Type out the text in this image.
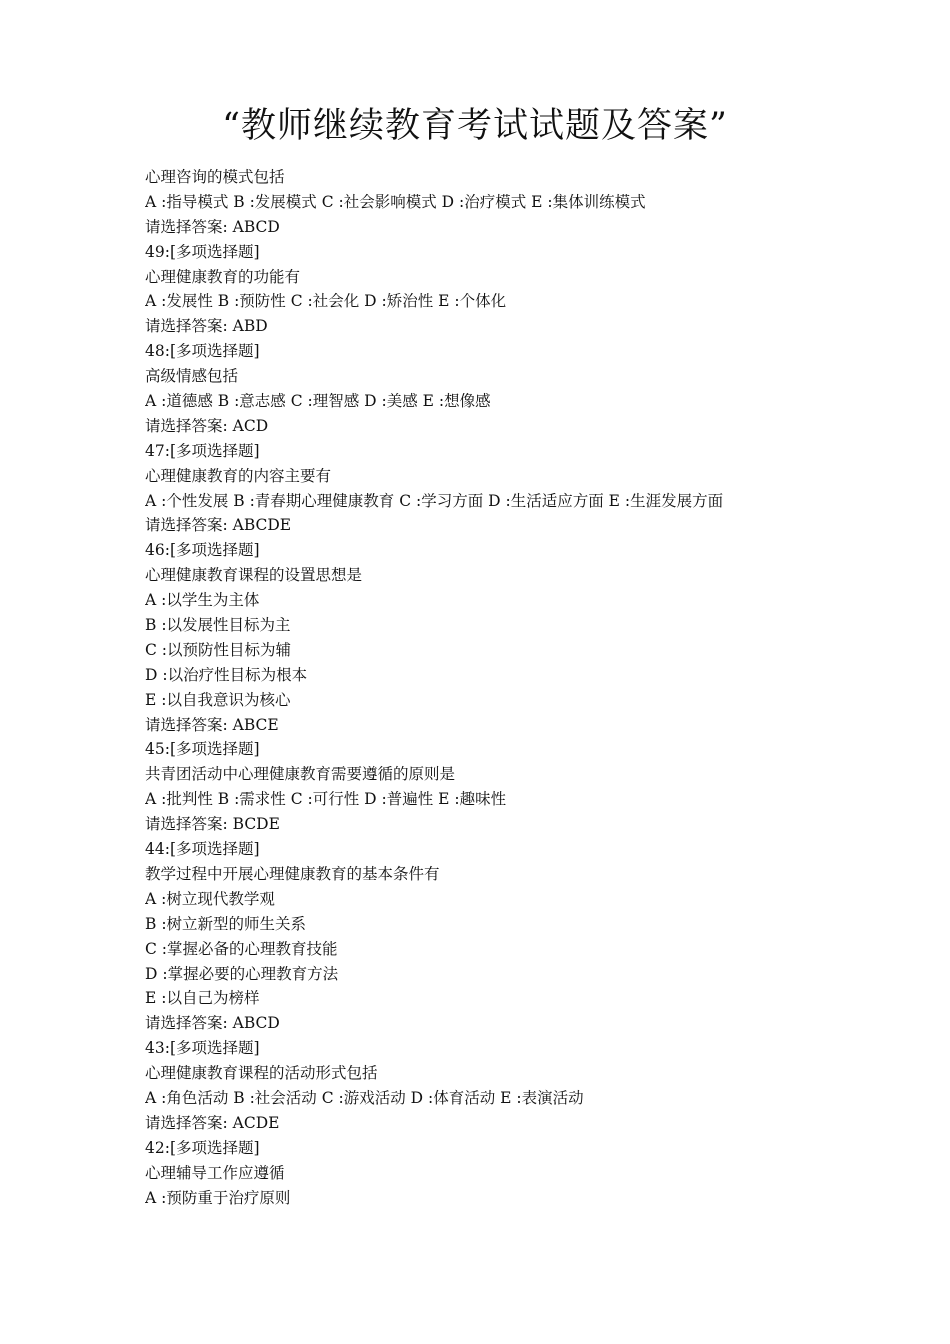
“教师继续教育考试试题及答案”
心理咨询的模式包括
A :指导模式 B :发展模式 C :社会影响模式 D :治疗模式 E :集体训练模式
请选择答案: ABCD
49:[多项选择题]
心理健康教育的功能有
A :发展性 B :预防性 C :社会化 D :矫治性 E :个体化
请选择答案: ABD
48:[多项选择题]
高级情感包括
A :道德感 B :意志感 C :理智感 D :美感 E :想像感
请选择答案: ACD
47:[多项选择题]
心理健康教育的内容主要有
A :个性发展 B :青春期心理健康教育 C :学习方面 D :生活适应方面 E :生涯发展方面
请选择答案: ABCDE
46:[多项选择题]
心理健康教育课程的设置思想是
A :以学生为主体
B :以发展性目标为主
C :以预防性目标为辅
D :以治疗性目标为根本
E :以自我意识为核心
请选择答案: ABCE
45:[多项选择题]
共青团活动中心理健康教育需要遵循的原则是
A :批判性 B :需求性 C :可行性 D :普遍性 E :趣味性
请选择答案: BCDE
44:[多项选择题]
教学过程中开展心理健康教育的基本条件有
A :树立现代教学观
B :树立新型的师生关系
C :掌握必备的心理教育技能
D :掌握必要的心理教育方法
E :以自己为榜样
请选择答案: ABCD
43:[多项选择题]
心理健康教育课程的活动形式包括
A :角色活动 B :社会活动 C :游戏活动 D :体育活动 E :表演活动
请选择答案: ACDE
42:[多项选择题]
心理辅导工作应遵循
A :预防重于治疗原则
